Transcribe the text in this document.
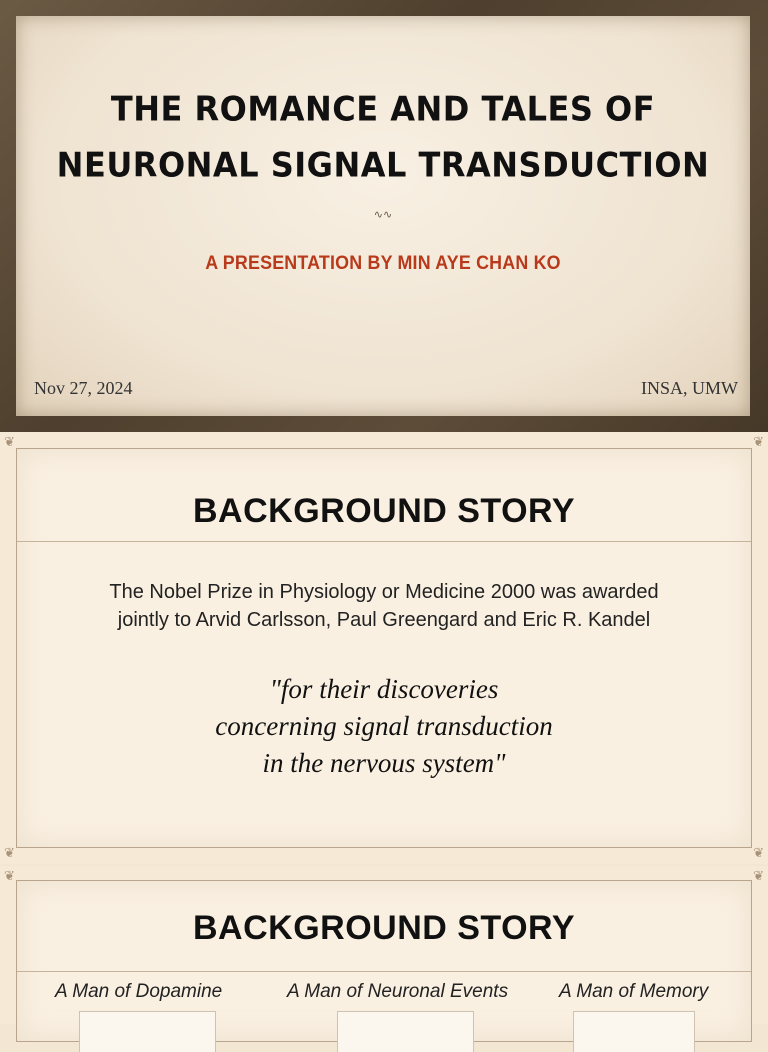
THE ROMANCE AND TALES OF
NEURONAL SIGNAL TRANSDUCTION
∿∿
A PRESENTATION BY MIN AYE CHAN KO
Nov 27, 2024	INSA, UMW
❦	❦
❦	❦
BACKGROUND STORY
The Nobel Prize in Physiology or Medicine 2000 was awarded
jointly to Arvid Carlsson, Paul Greengard and Eric R. Kandel
"for their discoveries
concerning signal transduction
in the nervous system"
❦	❦
BACKGROUND STORY
A Man of Dopamine	A Man of Neuronal Events	A Man of Memory
